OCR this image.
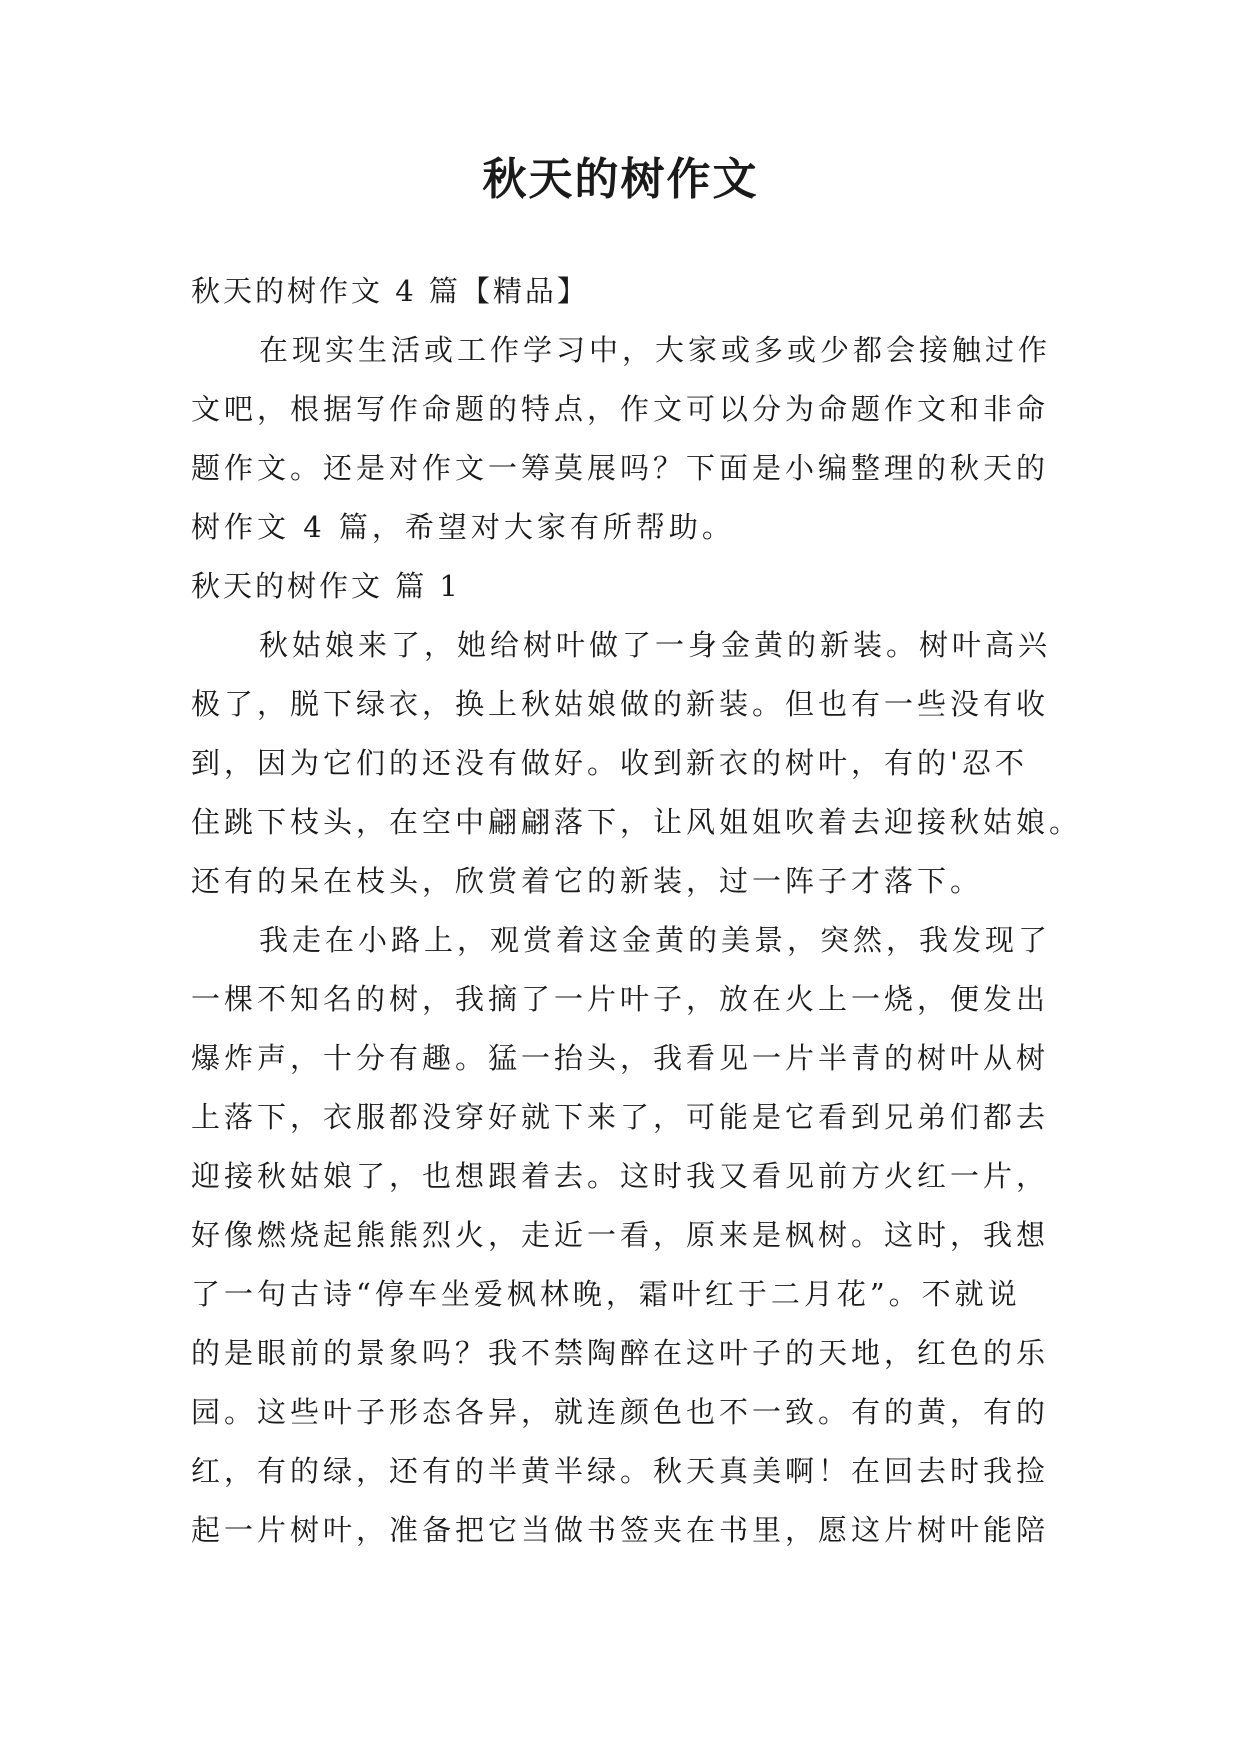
秋天的树作文

秋天的树作文 4 篇【精品】

在现实生活或工作学习中，大家或多或少都会接触过作

文吧，根据写作命题的特点，作文可以分为命题作文和非命

题作文。还是对作文一筹莫展吗？下面是小编整理的秋天的

树作文 4 篇，希望对大家有所帮助。

秋天的树作文 篇 1

秋姑娘来了，她给树叶做了一身金黄的新装。树叶高兴

极了，脱下绿衣，换上秋姑娘做的新装。但也有一些没有收

到，因为它们的还没有做好。收到新衣的树叶，有的'忍不

住跳下枝头，在空中翩翩落下，让风姐姐吹着去迎接秋姑娘。

还有的呆在枝头，欣赏着它的新装，过一阵子才落下。

我走在小路上，观赏着这金黄的美景，突然，我发现了

一棵不知名的树，我摘了一片叶子，放在火上一烧，便发出

爆炸声，十分有趣。猛一抬头，我看见一片半青的树叶从树

上落下，衣服都没穿好就下来了，可能是它看到兄弟们都去

迎接秋姑娘了，也想跟着去。这时我又看见前方火红一片，

好像燃烧起熊熊烈火，走近一看，原来是枫树。这时，我想

了一句古诗“停车坐爱枫林晚，霜叶红于二月花”。不就说

的是眼前的景象吗？我不禁陶醉在这叶子的天地，红色的乐

园。这些叶子形态各异，就连颜色也不一致。有的黄，有的

红，有的绿，还有的半黄半绿。秋天真美啊！在回去时我捡

起一片树叶，准备把它当做书签夹在书里，愿这片树叶能陪
